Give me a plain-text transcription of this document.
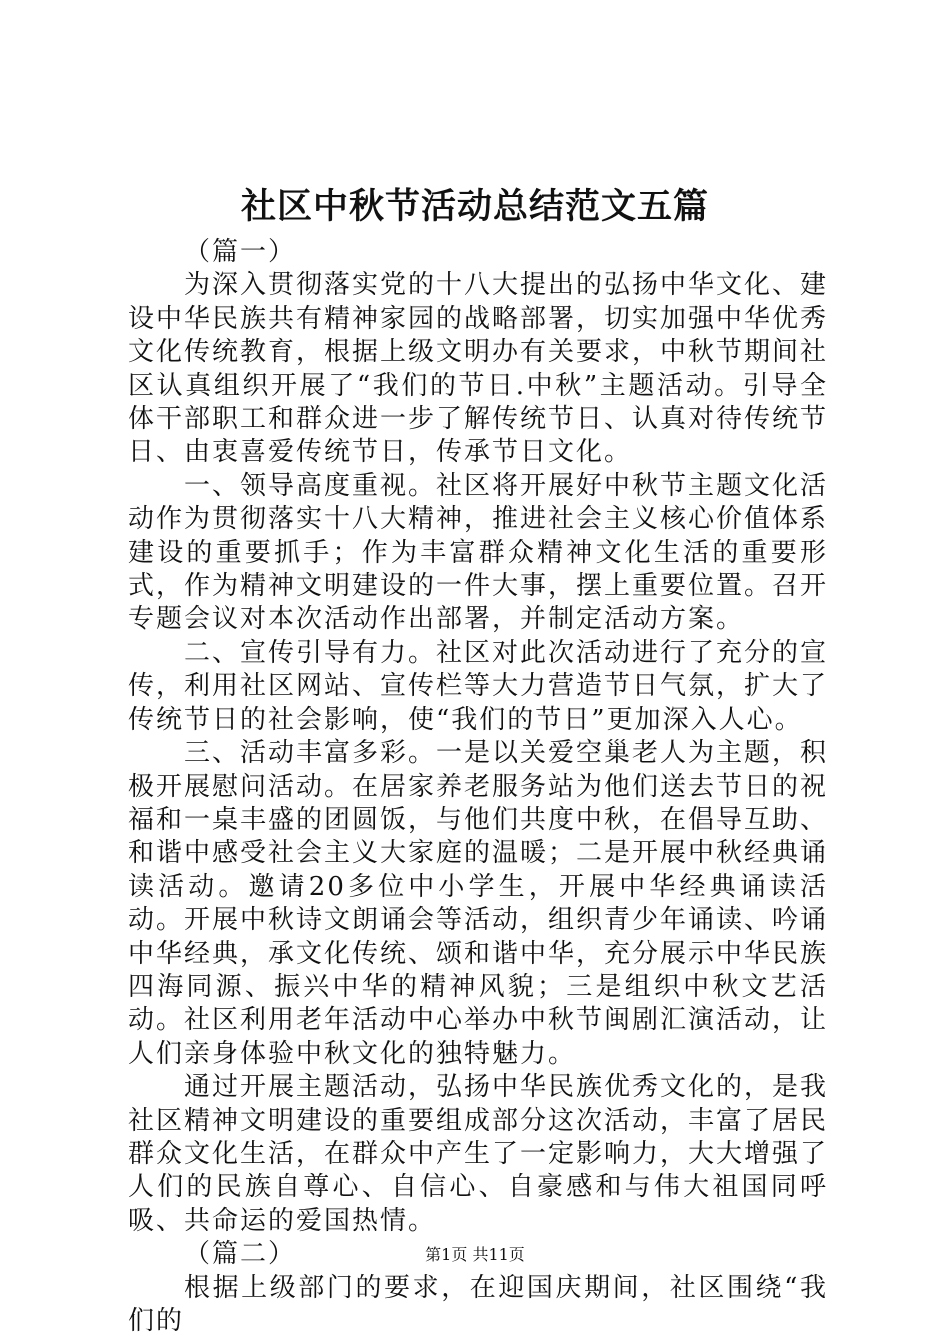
社区中秋节活动总结范文五篇

（篇一）

为深入贯彻落实党的十八大提出的弘扬中华文化、建设中华民族共有精神家园的战略部署，切实加强中华优秀文化传统教育，根据上级文明办有关要求，中秋节期间社区认真组织开展了“我们的节日.中秋”主题活动。引导全体干部职工和群众进一步了解传统节日、认真对待传统节日、由衷喜爱传统节日，传承节日文化。

一、领导高度重视。社区将开展好中秋节主题文化活动作为贯彻落实十八大精神，推进社会主义核心价值体系建设的重要抓手；作为丰富群众精神文化生活的重要形式，作为精神文明建设的一件大事，摆上重要位置。召开专题会议对本次活动作出部署，并制定活动方案。

二、宣传引导有力。社区对此次活动进行了充分的宣传，利用社区网站、宣传栏等大力营造节日气氛，扩大了传统节日的社会影响，使“我们的节日”更加深入人心。

三、活动丰富多彩。一是以关爱空巢老人为主题，积极开展慰问活动。在居家养老服务站为他们送去节日的祝福和一桌丰盛的团圆饭，与他们共度中秋，在倡导互助、和谐中感受社会主义大家庭的温暖；二是开展中秋经典诵读活动。邀请20多位中小学生，开展中华经典诵读活动。开展中秋诗文朗诵会等活动，组织青少年诵读、吟诵中华经典，承文化传统、颂和谐中华，充分展示中华民族四海同源、振兴中华的精神风貌；三是组织中秋文艺活动。社区利用老年活动中心举办中秋节闽剧汇演活动，让人们亲身体验中秋文化的独特魅力。

通过开展主题活动，弘扬中华民族优秀文化的，是我社区精神文明建设的重要组成部分这次活动，丰富了居民群众文化生活，在群众中产生了一定影响力，大大增强了人们的民族自尊心、自信心、自豪感和与伟大祖国同呼吸、共命运的爱国热情。

（篇二）

根据上级部门的要求，在迎国庆期间，社区围绕“我们的

第1页 共11页
